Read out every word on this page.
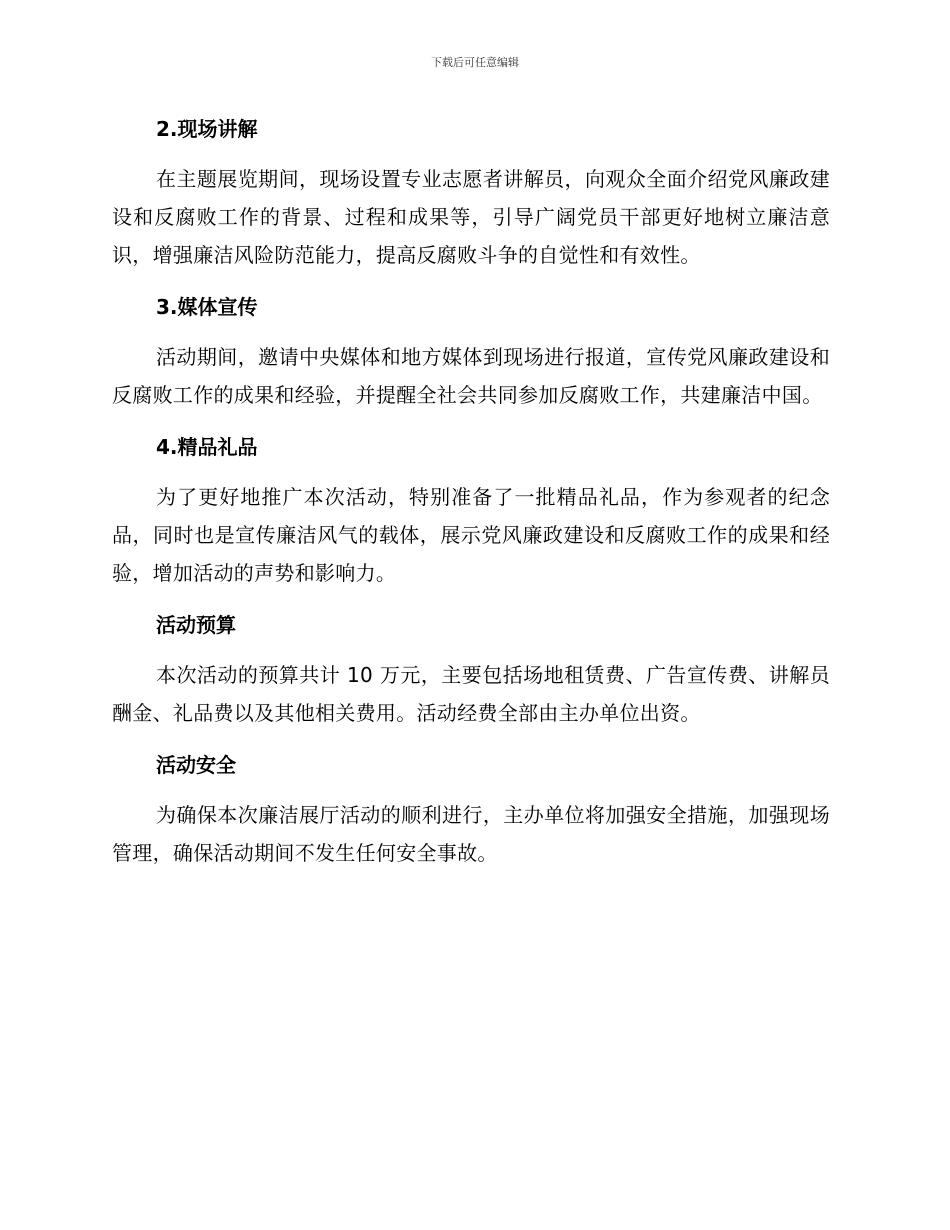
下载后可任意编辑
2.现场讲解

在主题展览期间，现场设置专业志愿者讲解员，向观众全面介绍党风廉政建设和反腐败工作的背景、过程和成果等，引导广阔党员干部更好地树立廉洁意识，增强廉洁风险防范能力，提高反腐败斗争的自觉性和有效性。

3.媒体宣传

活动期间，邀请中央媒体和地方媒体到现场进行报道，宣传党风廉政建设和反腐败工作的成果和经验，并提醒全社会共同参加反腐败工作，共建廉洁中国。

4.精品礼品

为了更好地推广本次活动，特别准备了一批精品礼品，作为参观者的纪念品，同时也是宣传廉洁风气的载体，展示党风廉政建设和反腐败工作的成果和经验，增加活动的声势和影响力。

活动预算

本次活动的预算共计 10 万元，主要包括场地租赁费、广告宣传费、讲解员酬金、礼品费以及其他相关费用。活动经费全部由主办单位出资。

活动安全

为确保本次廉洁展厅活动的顺利进行，主办单位将加强安全措施，加强现场管理，确保活动期间不发生任何安全事故。
